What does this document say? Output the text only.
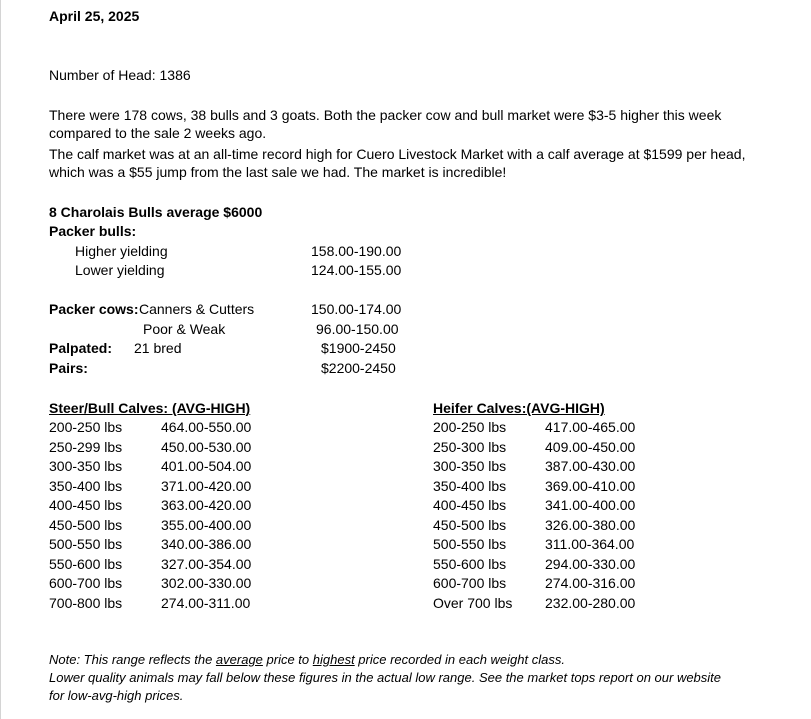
April 25, 2025
Number of Head: 1386
There were 178 cows, 38 bulls and 3 goats. Both the packer cow and bull market were $3-5 higher this week compared to the sale 2 weeks ago.
The calf market was at an all-time record high for Cuero Livestock Market with a calf average at $1599 per head, which was a $55 jump from the last sale we had. The market is incredible!
8 Charolais Bulls average $6000
Packer bulls:
Higher yielding	158.00-190.00
Lower yielding	124.00-155.00
Packer cows: Canners & Cutters	150.00-174.00
Poor & Weak	96.00-150.00
Palpated: 21 bred	$1900-2450
Pairs:	$2200-2450
Steer/Bull Calves: (AVG-HIGH)
200-250 lbs	464.00-550.00
250-299 lbs	450.00-530.00
300-350 lbs	401.00-504.00
350-400 lbs	371.00-420.00
400-450 lbs	363.00-420.00
450-500 lbs	355.00-400.00
500-550 lbs	340.00-386.00
550-600 lbs	327.00-354.00
600-700 lbs	302.00-330.00
700-800 lbs	274.00-311.00
Heifer Calves:(AVG-HIGH)
200-250 lbs	417.00-465.00
250-300 lbs	409.00-450.00
300-350 lbs	387.00-430.00
350-400 lbs	369.00-410.00
400-450 lbs	341.00-400.00
450-500 lbs	326.00-380.00
500-550 lbs	311.00-364.00
550-600 lbs	294.00-330.00
600-700 lbs	274.00-316.00
Over 700 lbs 232.00-280.00
Note: This range reflects the average price to highest price recorded in each weight class.
Lower quality animals may fall below these figures in the actual low range. See the market tops report on our website
for low-avg-high prices.
